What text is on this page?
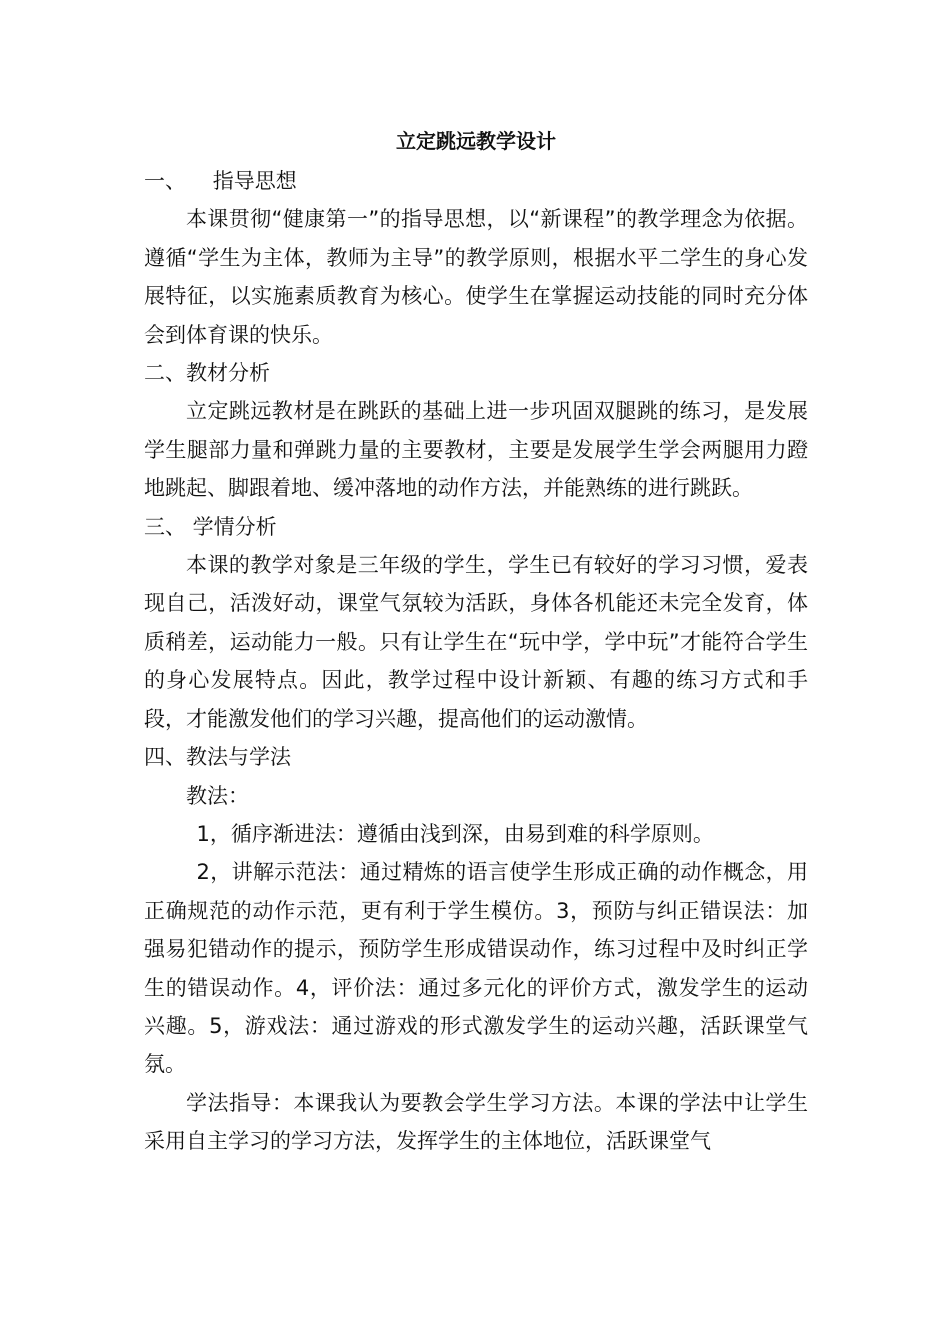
立定跳远教学设计

一、    指导思想

本课贯彻“健康第一”的指导思想，以“新课程”的教学理念为依据。遵循“学生为主体，教师为主导”的教学原则，根据水平二学生的身心发展特征，以实施素质教育为核心。使学生在掌握运动技能的同时充分体会到体育课的快乐。

二、教材分析

立定跳远教材是在跳跃的基础上进一步巩固双腿跳的练习，是发展学生腿部力量和弹跳力量的主要教材，主要是发展学生学会两腿用力蹬地跳起、脚跟着地、缓冲落地的动作方法，并能熟练的进行跳跃。

三、 学情分析

本课的教学对象是三年级的学生，学生已有较好的学习习惯，爱表现自己，活泼好动，课堂气氛较为活跃，身体各机能还未完全发育，体质稍差，运动能力一般。只有让学生在“玩中学，学中玩”才能符合学生的身心发展特点。因此，教学过程中设计新颖、有趣的练习方式和手段，才能激发他们的学习兴趣，提高他们的运动激情。

四、教法与学法

教法：

1，循序渐进法：遵循由浅到深，由易到难的科学原则。

2，讲解示范法：通过精炼的语言使学生形成正确的动作概念，用正确规范的动作示范，更有利于学生模仿。3，预防与纠正错误法：加强易犯错动作的提示，预防学生形成错误动作，练习过程中及时纠正学生的错误动作。4，评价法：通过多元化的评价方式，激发学生的运动兴趣。5，游戏法：通过游戏的形式激发学生的运动兴趣，活跃课堂气氛。

学法指导：本课我认为要教会学生学习方法。本课的学法中让学生采用自主学习的学习方法，发挥学生的主体地位，活跃课堂气
